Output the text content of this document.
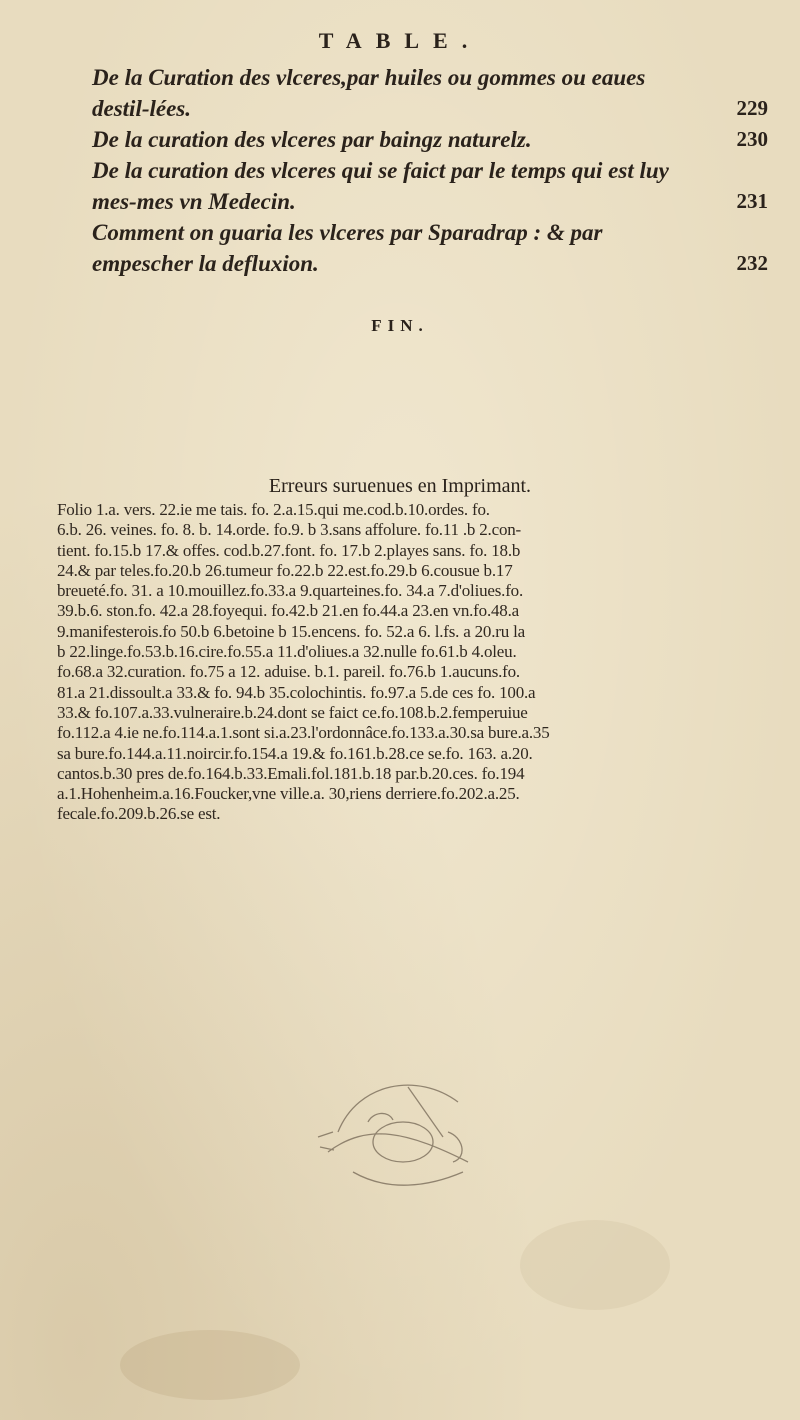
TABLE.
De la Curation des vlceres,par huiles ou gommes ou eaues destil-lées.	229
De la curation des vlceres par baingz naturelz.	230
De la curation des vlceres qui se faict par le temps qui est luy mes-mes vn Medecin.	231
Comment on guaria les vlceres par Sparadrap : & par empescher la defluxion.	232
FIN.
Erreurs suruenues en Imprimant.
Folio 1.a. vers. 22.ie me tais. fo. 2.a.15.qui me.cod.b.10.ordes. fo.
6.b. 26. veines. fo. 8. b. 14.orde. fo.9. b 3.sans affolure. fo.11 .b 2.con-
tient. fo.15.b 17.& offes. cod.b.27.font. fo. 17.b 2.playes sans. fo. 18.b
24.& par teles.fo.20.b 26.tumeur fo.22.b 22.est.fo.29.b 6.cousue b.17
breueté.fo. 31. a 10.mouillez.fo.33.a 9.quarteines.fo. 34.a 7.d'oliues.fo.
39.b.6. ston.fo. 42.a 28.foyequi. fo.42.b 21.en fo.44.a 23.en vn.fo.48.a
9.manifesterois.fo 50.b 6.betoine b 15.encens. fo. 52.a 6. l.fs. a 20.ru la
b 22.linge.fo.53.b.16.cire.fo.55.a 11.d'oliues.a 32.nulle fo.61.b 4.oleu.
fo.68.a 32.curation. fo.75 a 12. aduise. b.1. pareil. fo.76.b 1.aucuns.fo.
81.a 21.dissoult.a 33.& fo. 94.b 35.colochintis. fo.97.a 5.de ces fo. 100.a
33.& fo.107.a.33.vulneraire.b.24.dont se faict ce.fo.108.b.2.femperuiue
fo.112.a 4.ie ne.fo.114.a.1.sont si.a.23.l'ordonnâce.fo.133.a.30.sa bure.a.35
sa bure.fo.144.a.11.noircir.fo.154.a 19.& fo.161.b.28.ce se.fo. 163. a.20.
cantos.b.30 pres de.fo.164.b.33.Emali.fol.181.b.18 par.b.20.ces. fo.194
a.1.Hohenheim.a.16.Foucker,vne ville.a. 30,riens derriere.fo.202.a.25.
fecale.fo.209.b.26.se est.
